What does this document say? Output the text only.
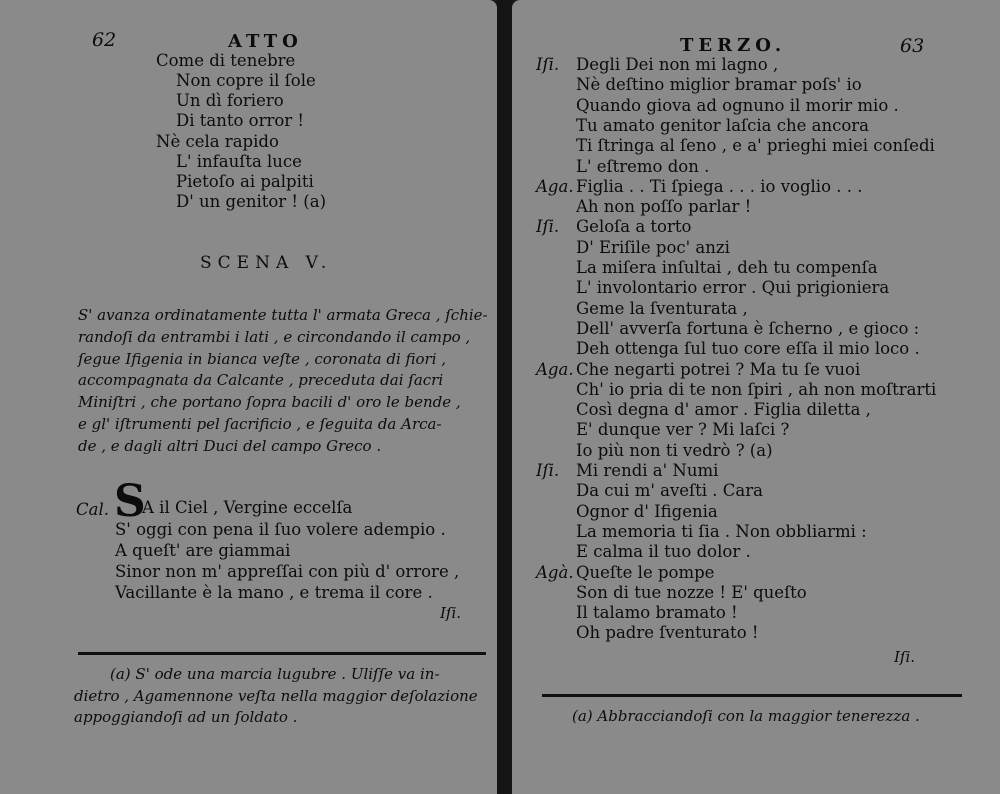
62	ATTO
Come di tenebre
Non copre il ſole
Un dì foriero
Di tanto orror !
Nè cela rapido
L' infauſta luce
Pietoſo ai palpiti
D' un genitor ! (a)
SCENA V.
S' avanza ordinatamente tutta l' armata Greca , ſchie-
randoſi da entrambi i lati , e circondando il campo ,
ſegue Ifigenia in bianca veſte , coronata di fiori ,
accompagnata da Calcante , preceduta dai ſacri
Miniſtri , che portano ſopra bacili d' oro le bende ,
e gl' iſtrumenti pel ſacrificio , e ſeguita da Arca-
de , e dagli altri Duci del campo Greco .
Cal. S
A il Ciel , Vergine eccelſa
S' oggi con pena il ſuo volere adempio .
A queſt' are giammai
Sinor non m' appreſſai con più d' orrore ,
Vacillante è la mano , e trema il core .
Iſi.
(a) S' ode una marcia lugubre . Uliſſe va in-
dietro , Agamennone veſta nella maggior deſolazione
appoggiandoſi ad un ſoldato .
TERZO.	63
Iſi. Degli Dei non mi lagno ,
Nè deſtino miglior bramar poſs' io
Quando giova ad ognuno il morir mio .
Tu amato genitor laſcia che ancora
Ti ſtringa al ſeno , e a' prieghi miei conſedi
L' eſtremo don .
Aga. Figlia . . Ti ſpiega . . . io voglio . . .
Ah non poſſo parlar !
Iſi. Geloſa a torto
D' Eriſile poc' anzi
La miſera inſultai , deh tu compenſa
L' involontario error . Qui prigioniera
Geme la ſventurata ,
Dell' avverſa fortuna è ſcherno , e gioco :
Deh ottenga ſul tuo core eſſa il mio loco .
Aga. Che negarti potrei ? Ma tu ſe vuoi
Ch' io pria di te non ſpiri , ah non moſtrarti
Così degna d' amor . Figlia diletta ,
E' dunque ver ? Mi laſci ?
Io più non ti vedrò ? (a)
Iſi. Mi rendi a' Numi
Da cui m' aveſti . Cara
Ognor d' Ifigenia
La memoria ti ſia . Non obbliarmi :
E calma il tuo dolor .
Agà. Queſte le pompe
Son di tue nozze ! E' queſto
Il talamo bramato !
Oh padre ſventurato !
Iſi.
(a) Abbracciandoſi con la maggior tenerezza .
